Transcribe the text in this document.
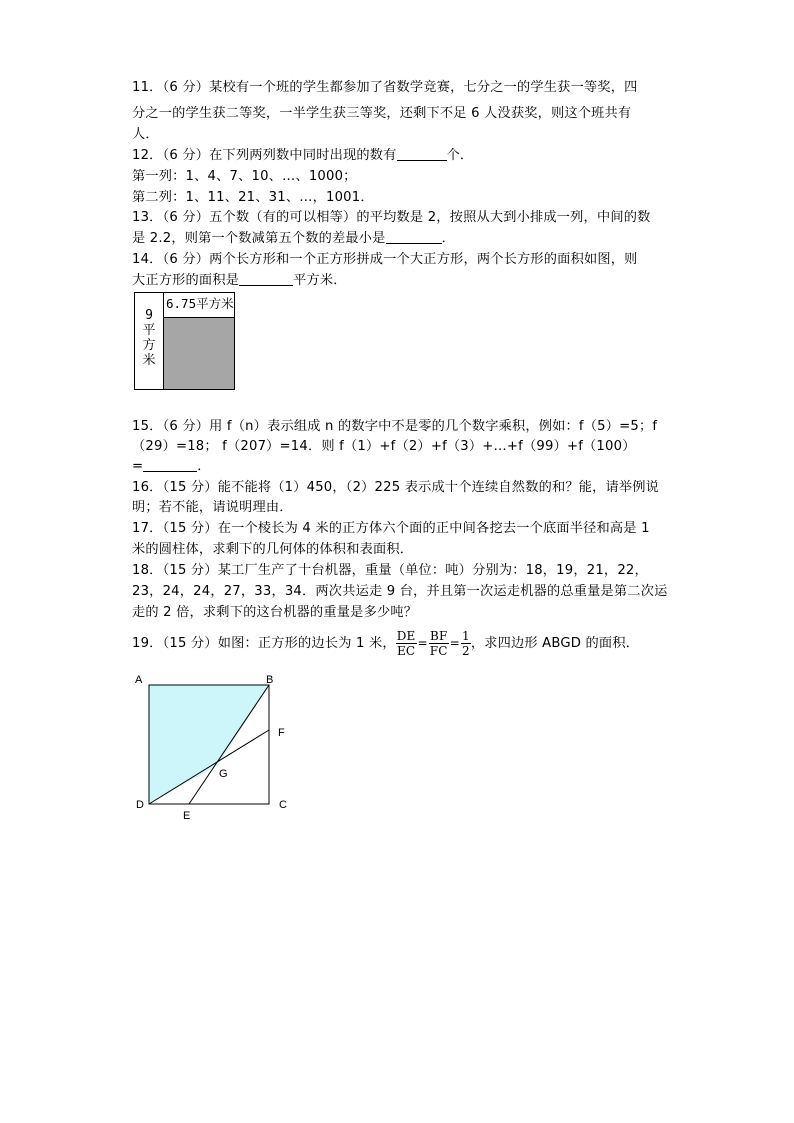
11．（6 分）某校有一个班的学生都参加了省数学竞赛，七分之一的学生获一等奖，四
分之一的学生获二等奖，一半学生获三等奖，还剩下不足 6 人没获奖，则这个班共有
人．
12．（6 分）在下列两列数中同时出现的数有	个．
第一列：1、4、7、10、…、1000；
第二列：1、11、21、31、…，1001．
13．（6 分）五个数（有的可以相等）的平均数是 2，按照从大到小排成一列，中间的数
是 2.2，则第一个数减第五个数的差最小是	．
14．（6 分）两个长方形和一个正方形拼成一个大正方形，两个长方形的面积如图，则
大正方形的面积是	平方米．
9
平
方
米
6.75平方米
15．（6 分）用 f（n）表示组成 n 的数字中不是零的几个数字乘积，例如：f（5）=5；f
（29）=18； f（207）=14．则 f（1）+f（2）+f（3）+…+f（99）+f（100）
=	．
16．（15 分）能不能将（1）450，（2）225 表示成十个连续自然数的和？能，请举例说
明；若不能，请说明理由．
17．（15 分）在一个棱长为 4 米的正方体六个面的正中间各挖去一个底面半径和高是 1
米的圆柱体，求剩下的几何体的体积和表面积．
18．（15 分）某工厂生产了十台机器，重量（单位：吨）分别为：18，19，21，22，
23，24，24，27，33，34．两次共运走 9 台，并且第一次运走机器的总重量是第二次运
走的 2 倍，求剩下的这台机器的重量是多少吨？
19．（15 分）如图：正方形的边长为 1 米， $\frac{DE}{EC} = \frac{BF}{FC} = \frac{1}{2}$ ，求四边形 ABGD 的面积．
A	B
F
G
D	C
E
